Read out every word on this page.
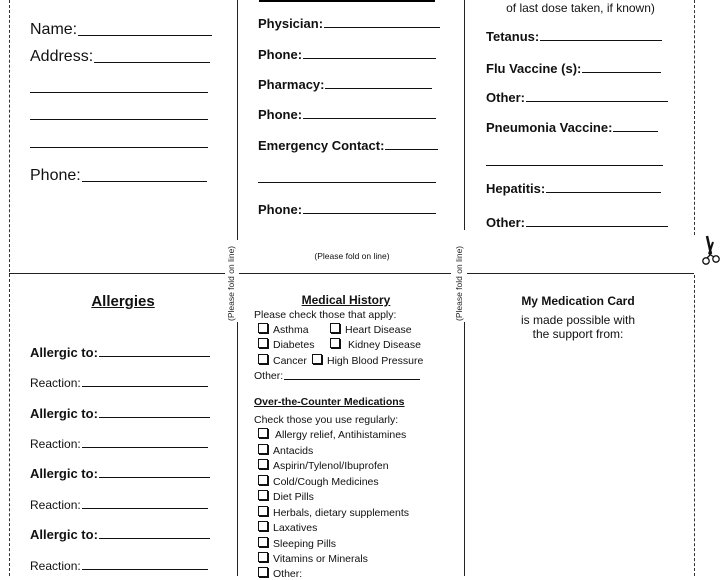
Name:
Address:
Phone:
Physician:
Phone:
Pharmacy:
Phone:
Emergency Contact:
Phone:
(Please fold on line)
(Please fold on line)	(Please fold on line)
of last dose taken, if known)
Tetanus:
Flu Vaccine (s):
Other:
Pneumonia Vaccine:
Hepatitis:
Other:
Allergies
Allergic to:
Reaction:
Allergic to:
Reaction:
Allergic to:
Reaction:
Allergic to:
Reaction:
Medical History
Please check those that apply:
Asthma	Heart Disease
Diabetes	Kidney Disease
Cancer	High Blood Pressure
Other:
Over-the-Counter Medications
Check those you use regularly:
Allergy relief, Antihistamines
Antacids
Aspirin/Tylenol/Ibuprofen
Cold/Cough Medicines
Diet Pills
Herbals, dietary supplements
Laxatives
Sleeping Pills
Vitamins or Minerals
Other:
My Medication Card
is made possible with
the support from:
